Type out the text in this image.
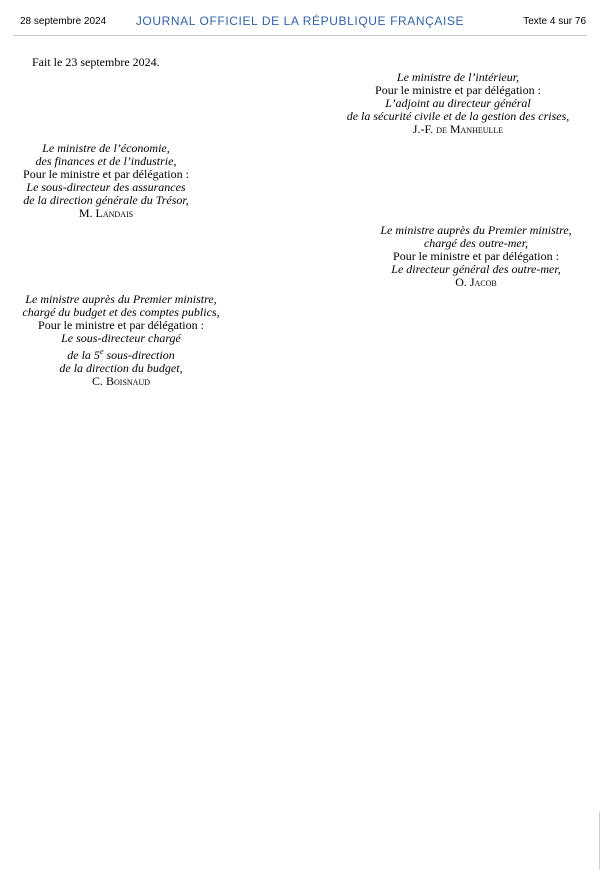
28 septembre 2024	JOURNAL OFFICIEL DE LA RÉPUBLIQUE FRANÇAISE	Texte 4 sur 76
Fait le 23 septembre 2024.
Le ministre de l’intérieur,
Pour le ministre et par délégation :
L’adjoint au directeur général
de la sécurité civile et de la gestion des crises,
J.-F. de Manheulle
Le ministre de l’économie,
des finances et de l’industrie,
Pour le ministre et par délégation :
Le sous-directeur des assurances
de la direction générale du Trésor,
M. Landais
Le ministre auprès du Premier ministre,
chargé des outre-mer,
Pour le ministre et par délégation :
Le directeur général des outre-mer,
O. Jacob
Le ministre auprès du Premier ministre,
chargé du budget et des comptes publics,
Pour le ministre et par délégation :
Le sous-directeur chargé
de la 5e sous-direction
de la direction du budget,
C. Boisnaud
